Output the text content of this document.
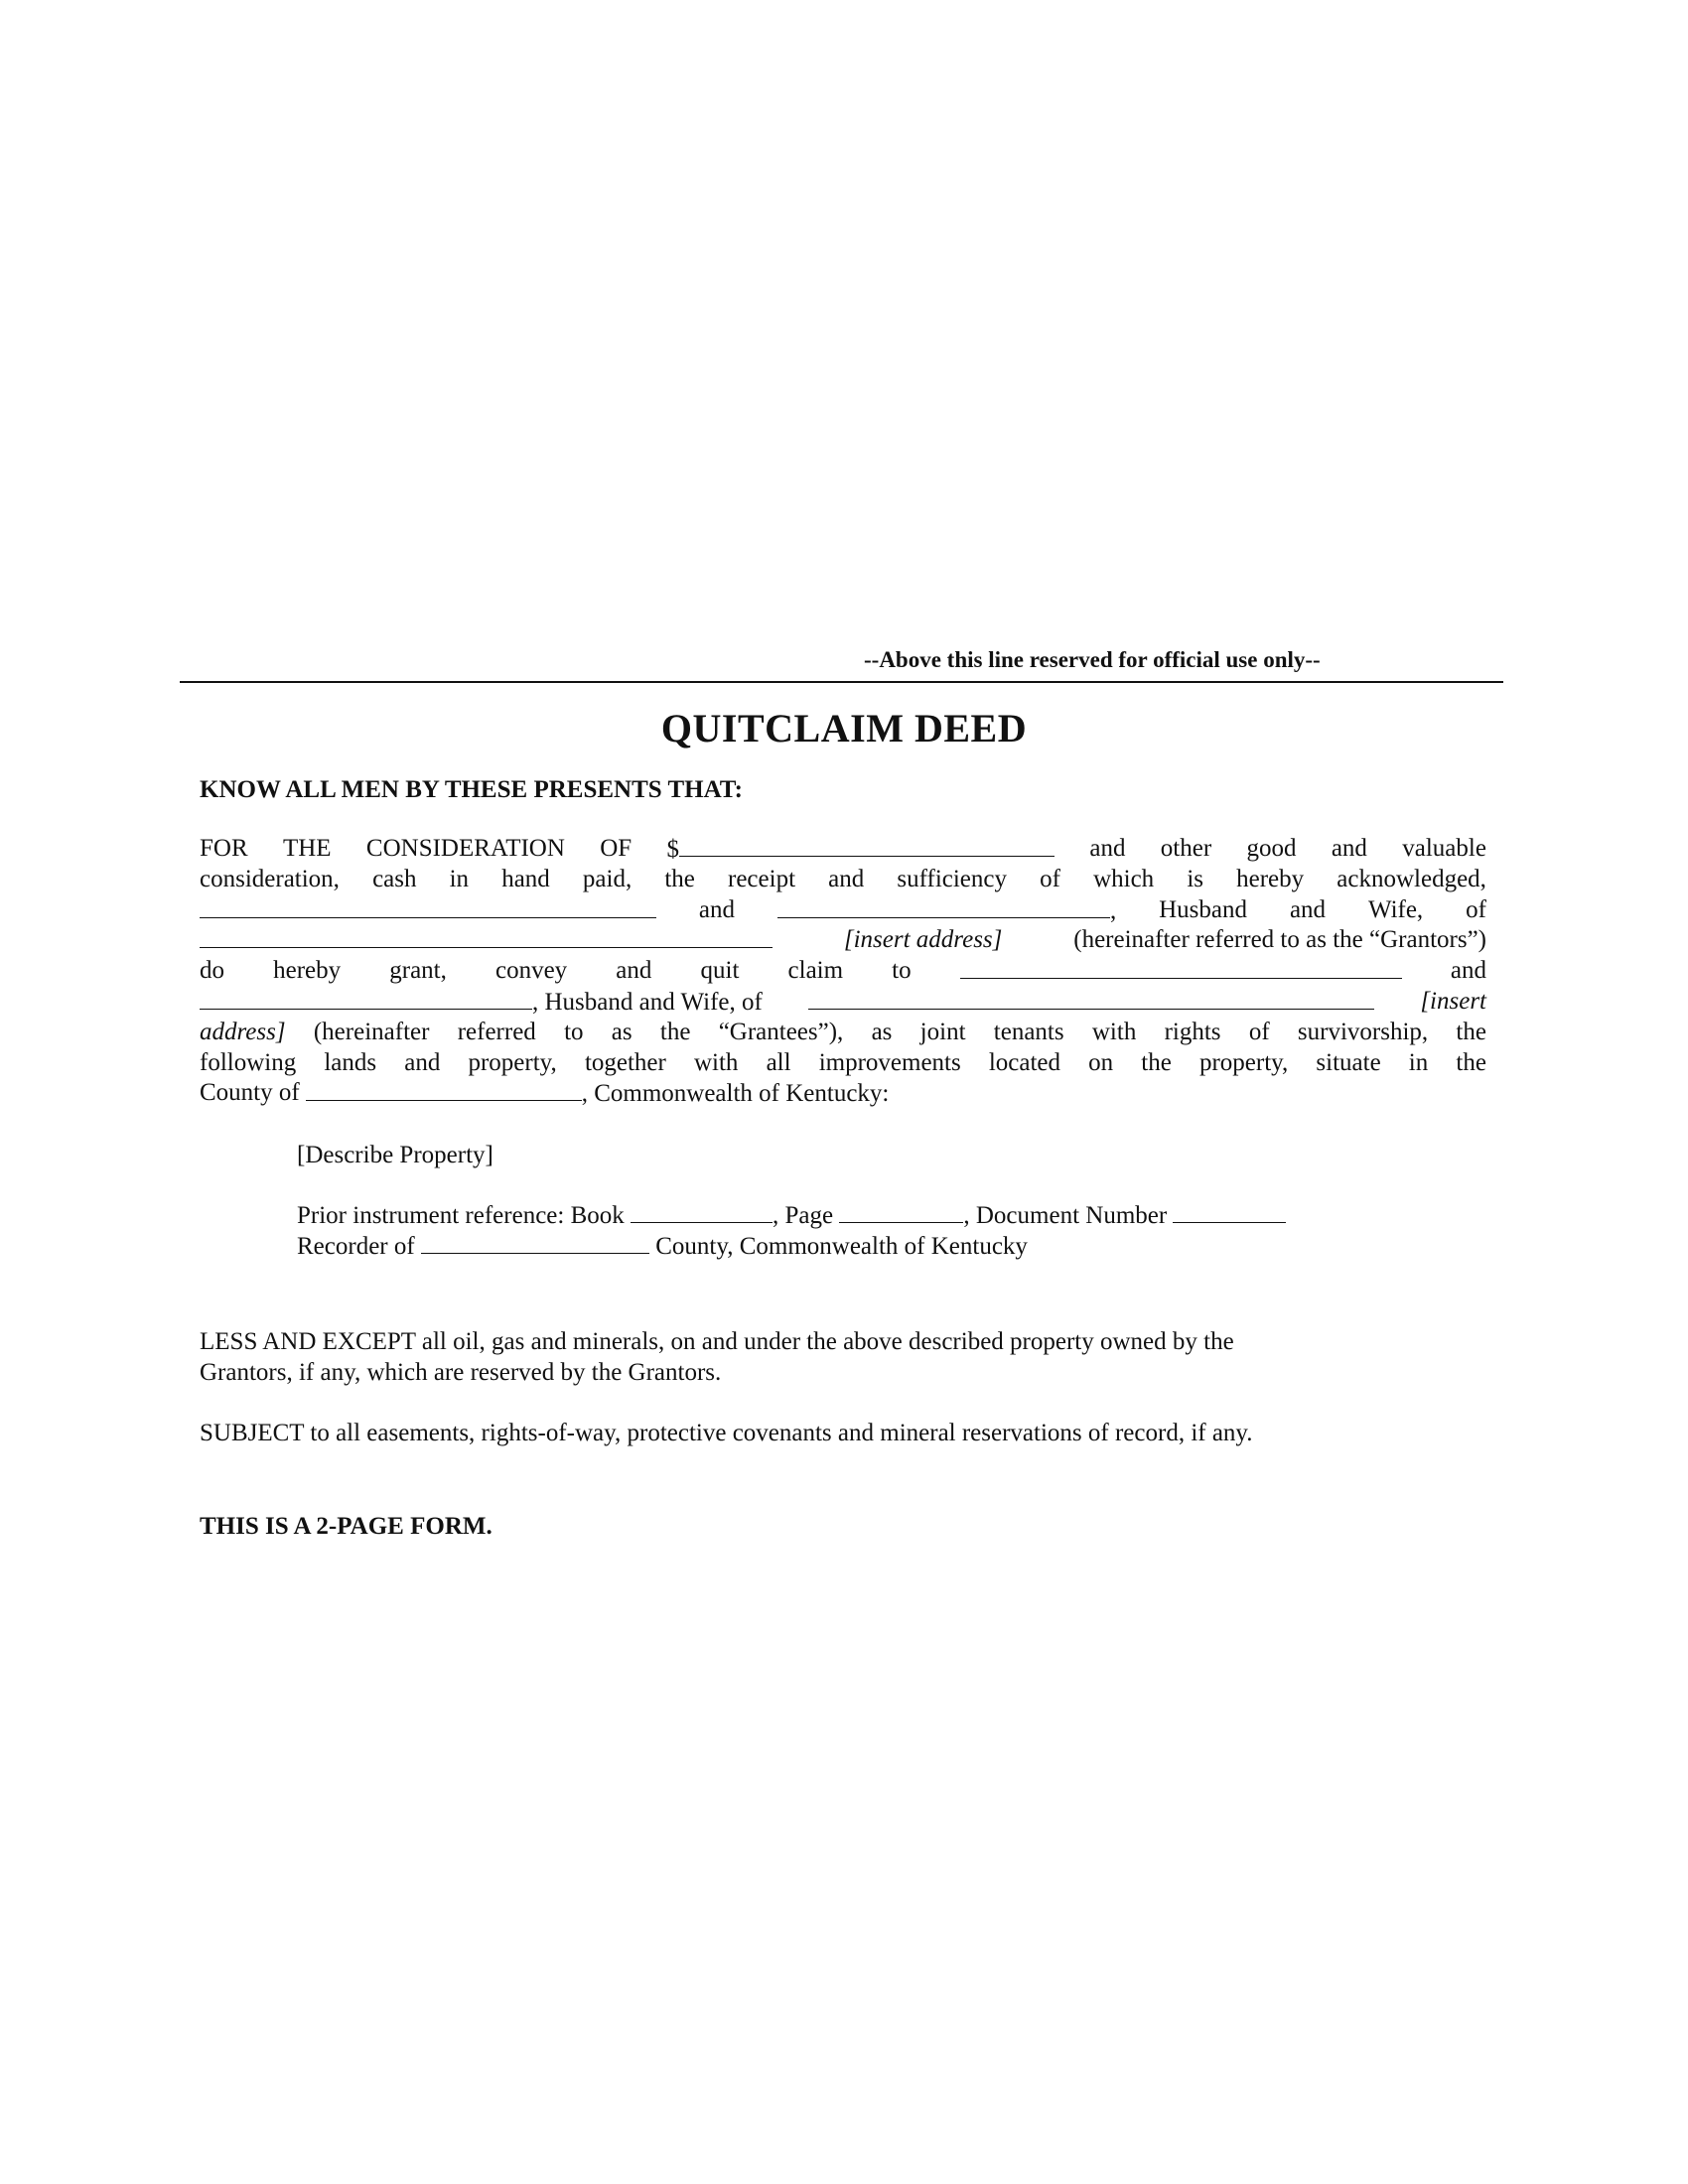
--Above this line reserved for official use only--
QUITCLAIM DEED
KNOW ALL MEN BY THESE PRESENTS THAT:
FOR THE CONSIDERATION OF $	and other good and valuable
consideration, cash in hand paid, the receipt and sufficiency of which is hereby acknowledged,
and	, Husband and Wife, of
[insert address]	(hereinafter referred to as the “Grantors”)
do hereby grant, convey and quit claim to	and
, Husband and Wife, of	[insert
address] (hereinafter referred to as the “Grantees”), as joint tenants with rights of survivorship, the
following lands and property, together with all improvements located on the property, situate in the
County of	, Commonwealth of Kentucky:
[Describe Property]
Prior instrument reference: Book	, Page	, Document Number
Recorder of	County, Commonwealth of Kentucky
LESS AND EXCEPT all oil, gas and minerals, on and under the above described property owned by the
Grantors, if any, which are reserved by the Grantors.
SUBJECT to all easements, rights-of-way, protective covenants and mineral reservations of record, if any.
THIS IS A 2-PAGE FORM.
